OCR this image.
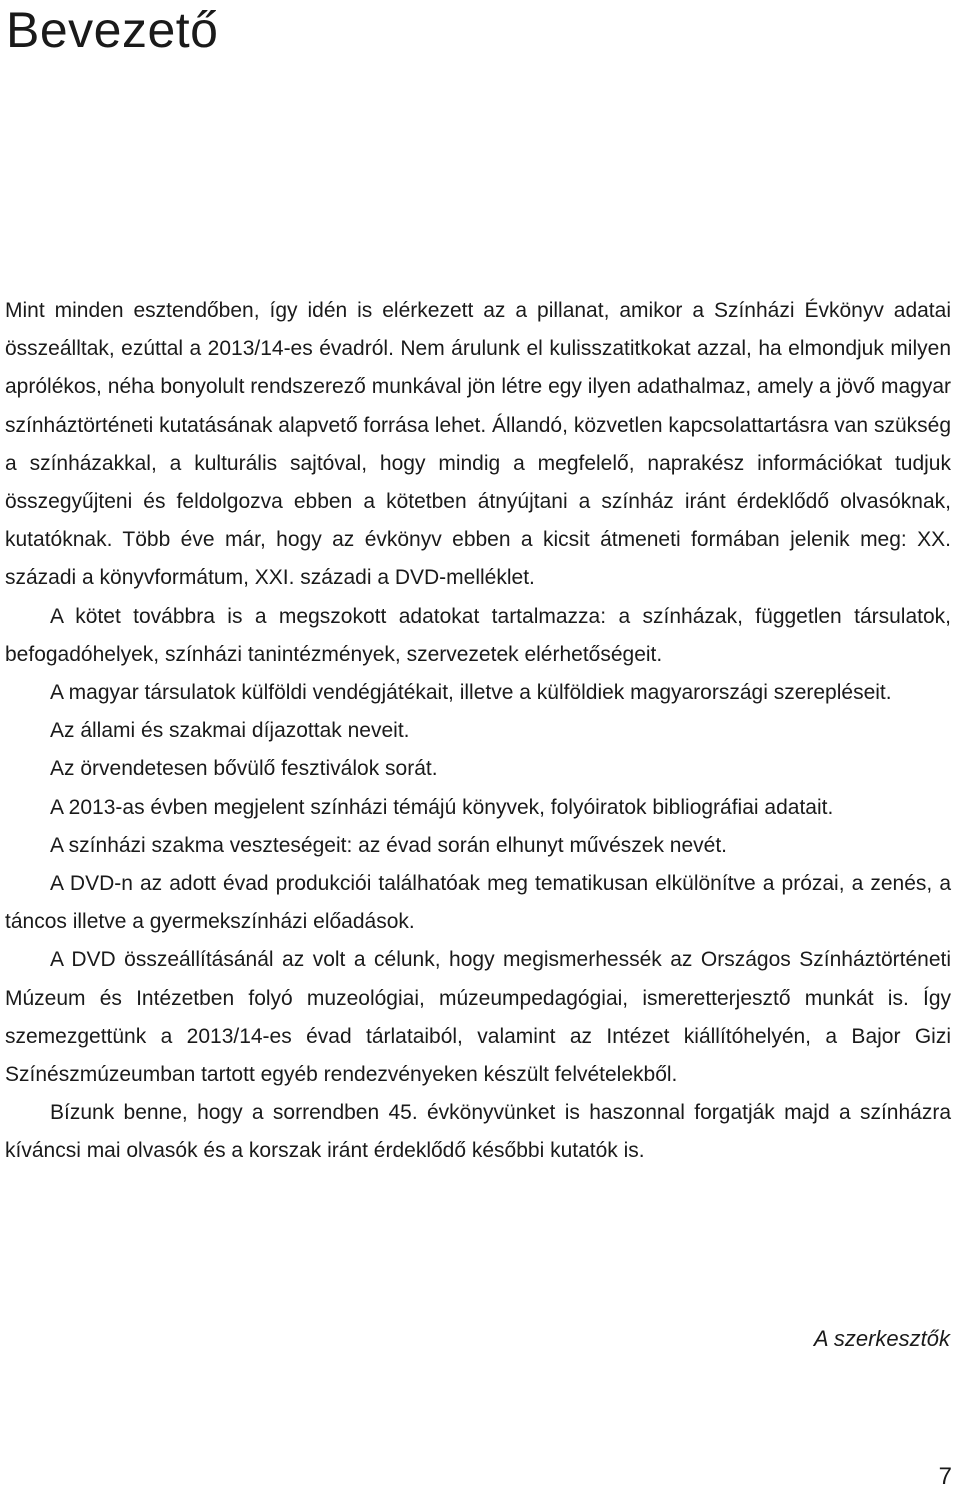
Bevezető

Mint minden esztendőben, így idén is elérkezett az a pillanat, amikor a Színházi Évkönyv adatai összeálltak, ezúttal a 2013/14-es évadról. Nem árulunk el kulisszatitkokat azzal, ha elmondjuk milyen aprólékos, néha bonyolult rendszerező munkával jön létre egy ilyen adathalmaz, amely a jövő magyar színháztörténeti kutatásának alapvető forrása lehet. Állandó, közvetlen kapcsolattartásra van szükség a színházakkal, a kulturális sajtóval, hogy mindig a megfelelő, naprakész információkat tudjuk összegyűjteni és feldolgozva ebben a kötetben átnyújtani a színház iránt érdeklődő olvasóknak, kutatóknak. Több éve már, hogy az évkönyv ebben a kicsit átmeneti formában jelenik meg: XX. századi a könyvformátum, XXI. századi a DVD-melléklet.

A kötet továbbra is a megszokott adatokat tartalmazza: a színházak, független társulatok, befogadóhelyek, színházi tanintézmények, szervezetek elérhetőségeit.

A magyar társulatok külföldi vendégjátékait, illetve a külföldiek magyarországi szerepléseit.

Az állami és szakmai díjazottak neveit.

Az örvendetesen bővülő fesztiválok sorát.

A 2013-as évben megjelent színházi témájú könyvek, folyóiratok bibliográfiai adatait.

A színházi szakma veszteségeit: az évad során elhunyt művészek nevét.

A DVD-n az adott évad produkciói találhatóak meg tematikusan elkülönítve a prózai, a zenés, a táncos illetve a gyermekszínházi előadások.

A DVD összeállításánál az volt a célunk, hogy megismerhessék az Országos Színháztörténeti Múzeum és Intézetben folyó muzeológiai, múzeumpedagógiai, ismeretterjesztő munkát is. Így szemezgettünk a 2013/14-es évad tárlataiból, valamint az Intézet kiállítóhelyén, a Bajor Gizi Színészmúzeumban tartott egyéb rendezvényeken készült felvételekből.

Bízunk benne, hogy a sorrendben 45. évkönyvünket is haszonnal forgatják majd a színházra kíváncsi mai olvasók és a korszak iránt érdeklődő későbbi kutatók is.

A szerkesztők
7
